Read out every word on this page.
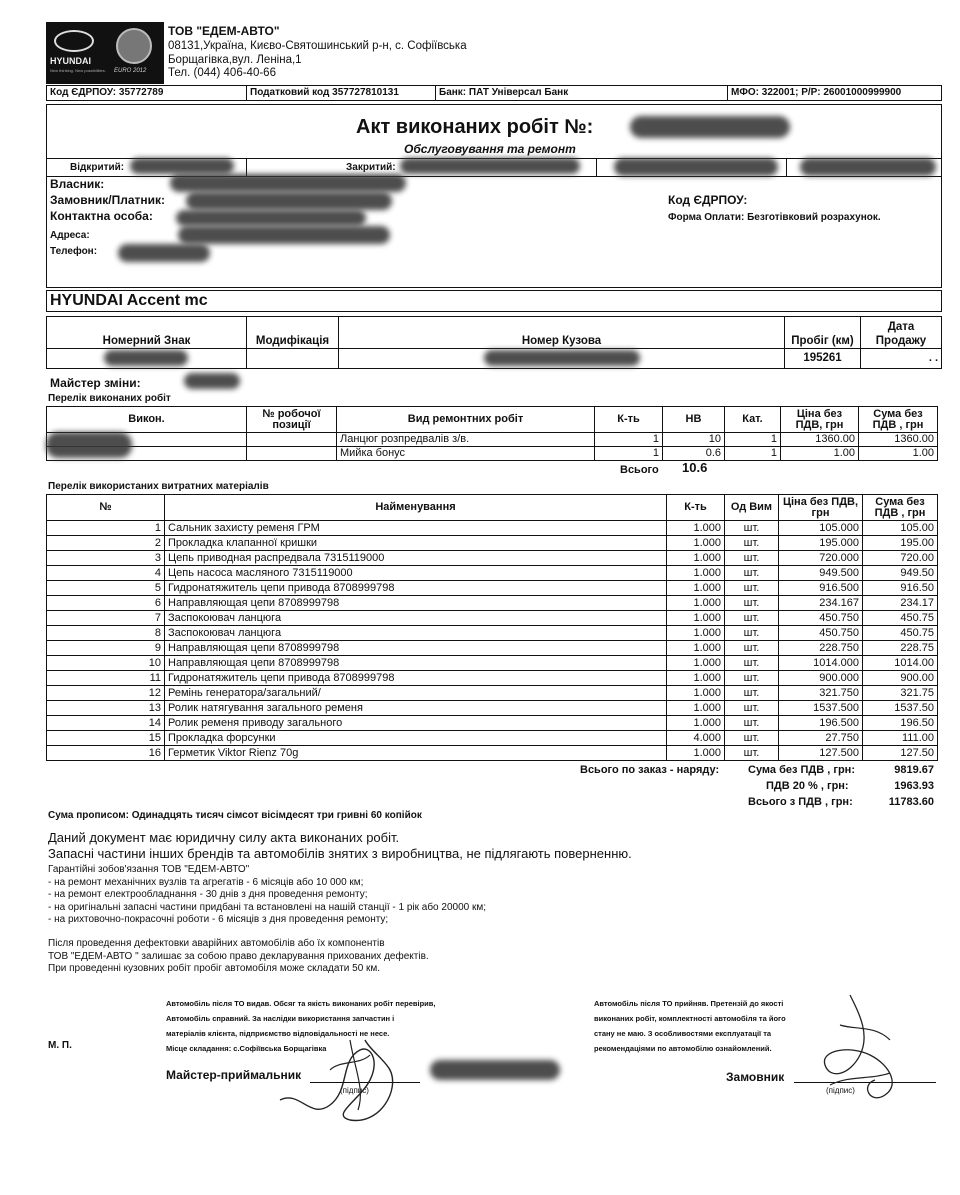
HYUNDAI
New thinking. New possibilities. EURO 2012
ТОВ "ЕДЕМ-АВТО"
08131,Україна, Києво-Святошинський р-н, с. Софіївська
Борщагівка,вул. Леніна,1
Тел. (044) 406-40-66
Код ЄДРПОУ: 35772789	Податковий код 357727810131	Банк: ПАТ Універсал Банк	МФО: 322001; Р/Р: 26001000999900
Акт виконаних робіт №:
Обслуговування та ремонт
Відкритий:	Закритий:
Власник:
Замовник/Платник:
Контактна особа:
Адреса:
Телефон:
Код ЄДРПОУ:
Форма Оплати: Безготівковий розрахунок.
HYUNDAI Accent mc
Номерний Знак	Модифікація	Номер Кузова	Пробіг (км)	Дата
Продажу

			195261	. .
Майстер зміни:
Перелік виконаних робіт
Викон.	№ робочої позиції	Вид ремонтних робіт	К-ть	НВ	Кат.	Ціна без ПДВ, грн	Сума без ПДВ , грн
		Ланцюг розпредвалів з/в.	1	10	1	1360.00	1360.00
		Мийка бонус	1	0.6	1	1.00	1.00
Всього 10.6
Перелік використаних витратних матеріалів
№	Найменування	К-ть	Од Вим	Ціна без ПДВ, грн	Сума без ПДВ , грн
1	Сальник захисту ременя ГРМ	1.000	шт.	105.000	105.00
2	Прокладка клапанної кришки	1.000	шт.	195.000	195.00
3	Цепь приводная распредвала 7315119000	1.000	шт.	720.000	720.00
4	Цепь насоса масляного 7315119000	1.000	шт.	949.500	949.50
5	Гидронатяжитель цепи привода 8708999798	1.000	шт.	916.500	916.50
6	Направляющая цепи 8708999798	1.000	шт.	234.167	234.17
7	Заспокоювач ланцюга	1.000	шт.	450.750	450.75
8	Заспокоювач ланцюга	1.000	шт.	450.750	450.75
9	Направляющая цепи 8708999798	1.000	шт.	228.750	228.75
10	Направляющая цепи 8708999798	1.000	шт.	1014.000	1014.00
11	Гидронатяжитель цепи привода 8708999798	1.000	шт.	900.000	900.00
12	Ремінь генератора/загальний/	1.000	шт.	321.750	321.75
13	Ролик натягування загального ременя	1.000	шт.	1537.500	1537.50
14	Ролик ременя приводу загального	1.000	шт.	196.500	196.50
15	Прокладка форсунки	4.000	шт.	27.750	111.00
16	Герметик Viktor Rienz 70g	1.000	шт.	127.500	127.50
Всього по заказ - наряду:	Сума без ПДВ , грн:	9819.67
ПДВ 20 % , грн:	1963.93
Всього з ПДВ , грн:	11783.60
Сума прописом: Одинадцять тисяч сімсот вісімдесят три гривні 60 копійок
Даний документ має юридичну силу акта виконаних робіт.
Запасні частини інших брендів та автомобілів знятих з виробництва, не підлягають поверненню.
Гарантійні зобов'язання ТОВ "ЕДЕМ-АВТО"
- на ремонт механічних вузлів та агрегатів - 6 місяців або 10 000 км;
- на ремонт електрообладнання - 30 днів з дня проведення ремонту;
- на оригінальні запасні частини придбані та встановлені на нашій станції - 1 рік або 20000 км;
- на рихтовочно-покрасочні роботи - 6 місяців з дня проведення ремонту;
Після проведення дефектовки аварійних автомобілів або їх компонентів
ТОВ "ЕДЕМ-АВТО " залишає за собою право декларування прихованих дефектів.
При проведенні кузовних робіт пробіг автомобіля може складати 50 км.
Автомобіль після ТО видав. Обсяг та якість виконаних робіт перевірив,
Автомобіль справний. За наслідки використання запчастин і
матеріалів клієнта, підприємство відповідальності не несе.
Місце складання: с.Софіївська Борщагівка
Автомобіль після ТО прийняв. Претензій до якості
виконаних робіт, комплектності автомобіля та його
стану не маю. З особливостями експлуатації та
рекомендаціями по автомобілю ознайомлений.
М. П.
Майстер-приймальник
(підпис)
Замовник
(підпис)
